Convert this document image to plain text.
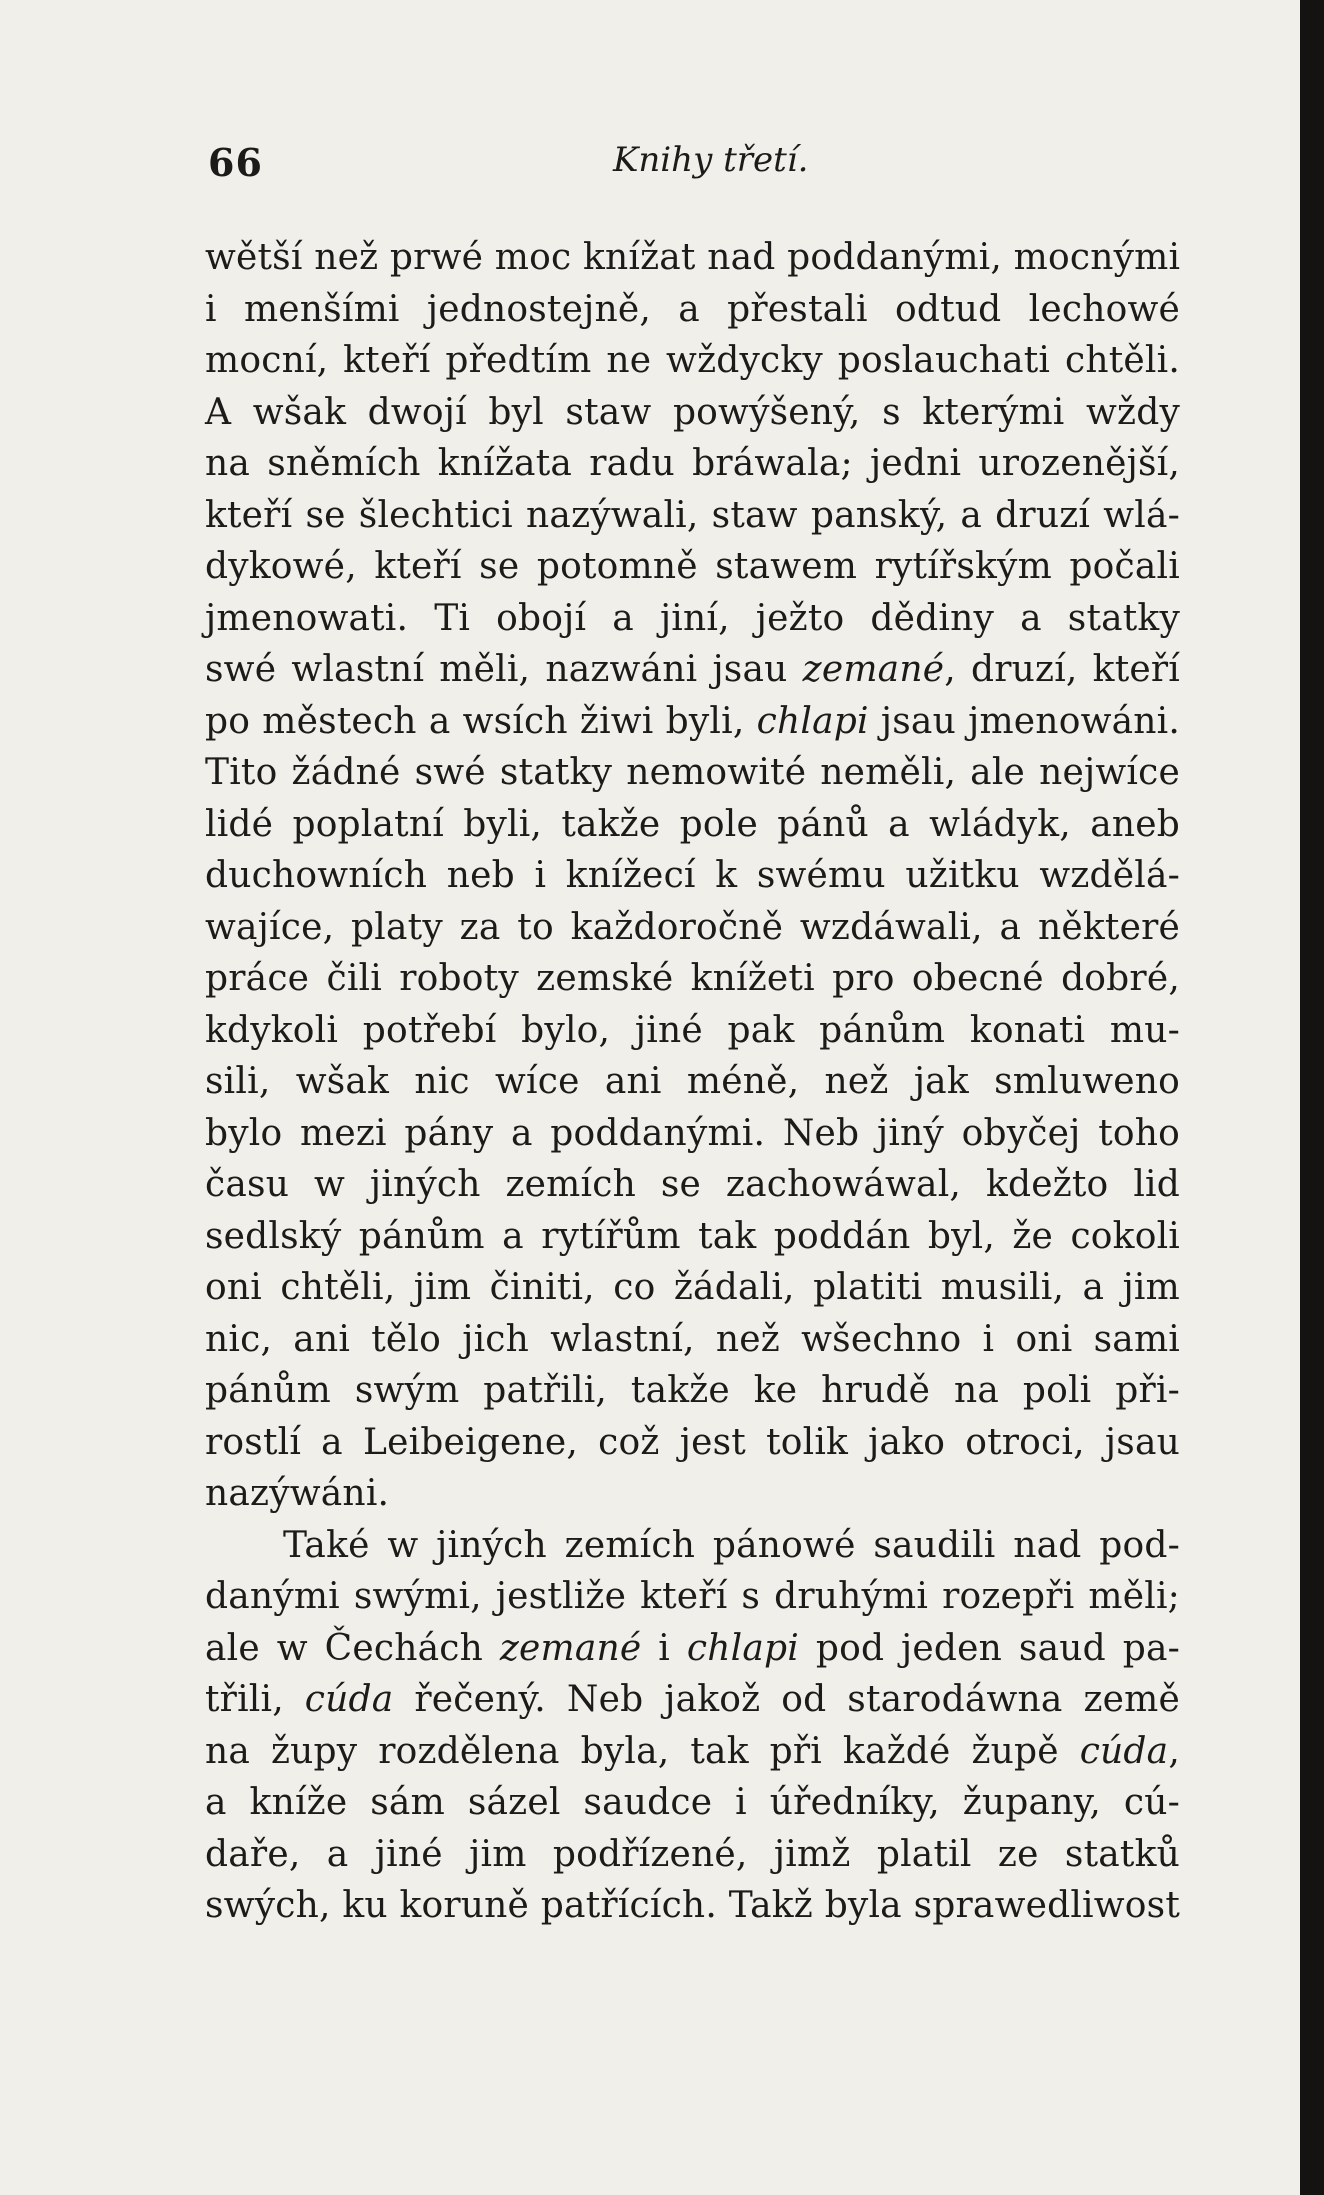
66	Knihy třetí.
wětší než prwé moc knížat nad poddanými, mocnými
i menšími jednostejně, a přestali odtud lechowé
mocní, kteří předtím ne wždycky poslauchati chtěli.
A wšak dwojí byl staw powýšený, s kterými wždy
na sněmích knížata radu bráwala; jedni urozenější,
kteří se šlechtici nazýwali, staw panský, a druzí wlá-
dykowé, kteří se potomně stawem rytířským počali
jmenowati. Ti obojí a jiní, ježto dědiny a statky
swé wlastní měli, nazwáni jsau zemané, druzí, kteří
po městech a wsích žiwi byli, chlapi jsau jmenowáni.
Tito žádné swé statky nemowité neměli, ale nejwíce
lidé poplatní byli, takže pole pánů a wládyk, aneb
duchowních neb i knížecí k swému užitku wzdělá-
wajíce, platy za to každoročně wzdáwali, a některé
práce čili roboty zemské knížeti pro obecné dobré,
kdykoli potřebí bylo, jiné pak pánům konati mu-
sili, wšak nic wíce ani méně, než jak smluweno
bylo mezi pány a poddanými. Neb jiný obyčej toho
času w jiných zemích se zachowáwal, kdežto lid
sedlský pánům a rytířům tak poddán byl, že cokoli
oni chtěli, jim činiti, co žádali, platiti musili, a jim
nic, ani tělo jich wlastní, než wšechno i oni sami
pánům swým patřili, takže ke hrudě na poli při-
rostlí a Leibeigene, což jest tolik jako otroci, jsau
nazýwáni.
Také w jiných zemích pánowé saudili nad pod-
danými swými, jestliže kteří s druhými rozepři měli;
ale w Čechách zemané i chlapi pod jeden saud pa-
třili, cúda řečený. Neb jakož od starodáwna země
na župy rozdělena byla, tak při každé župě cúda,
a kníže sám sázel saudce i úředníky, župany, cú-
daře, a jiné jim podřízené, jimž platil ze statků
swých, ku koruně patřících. Takž byla sprawedliwost
